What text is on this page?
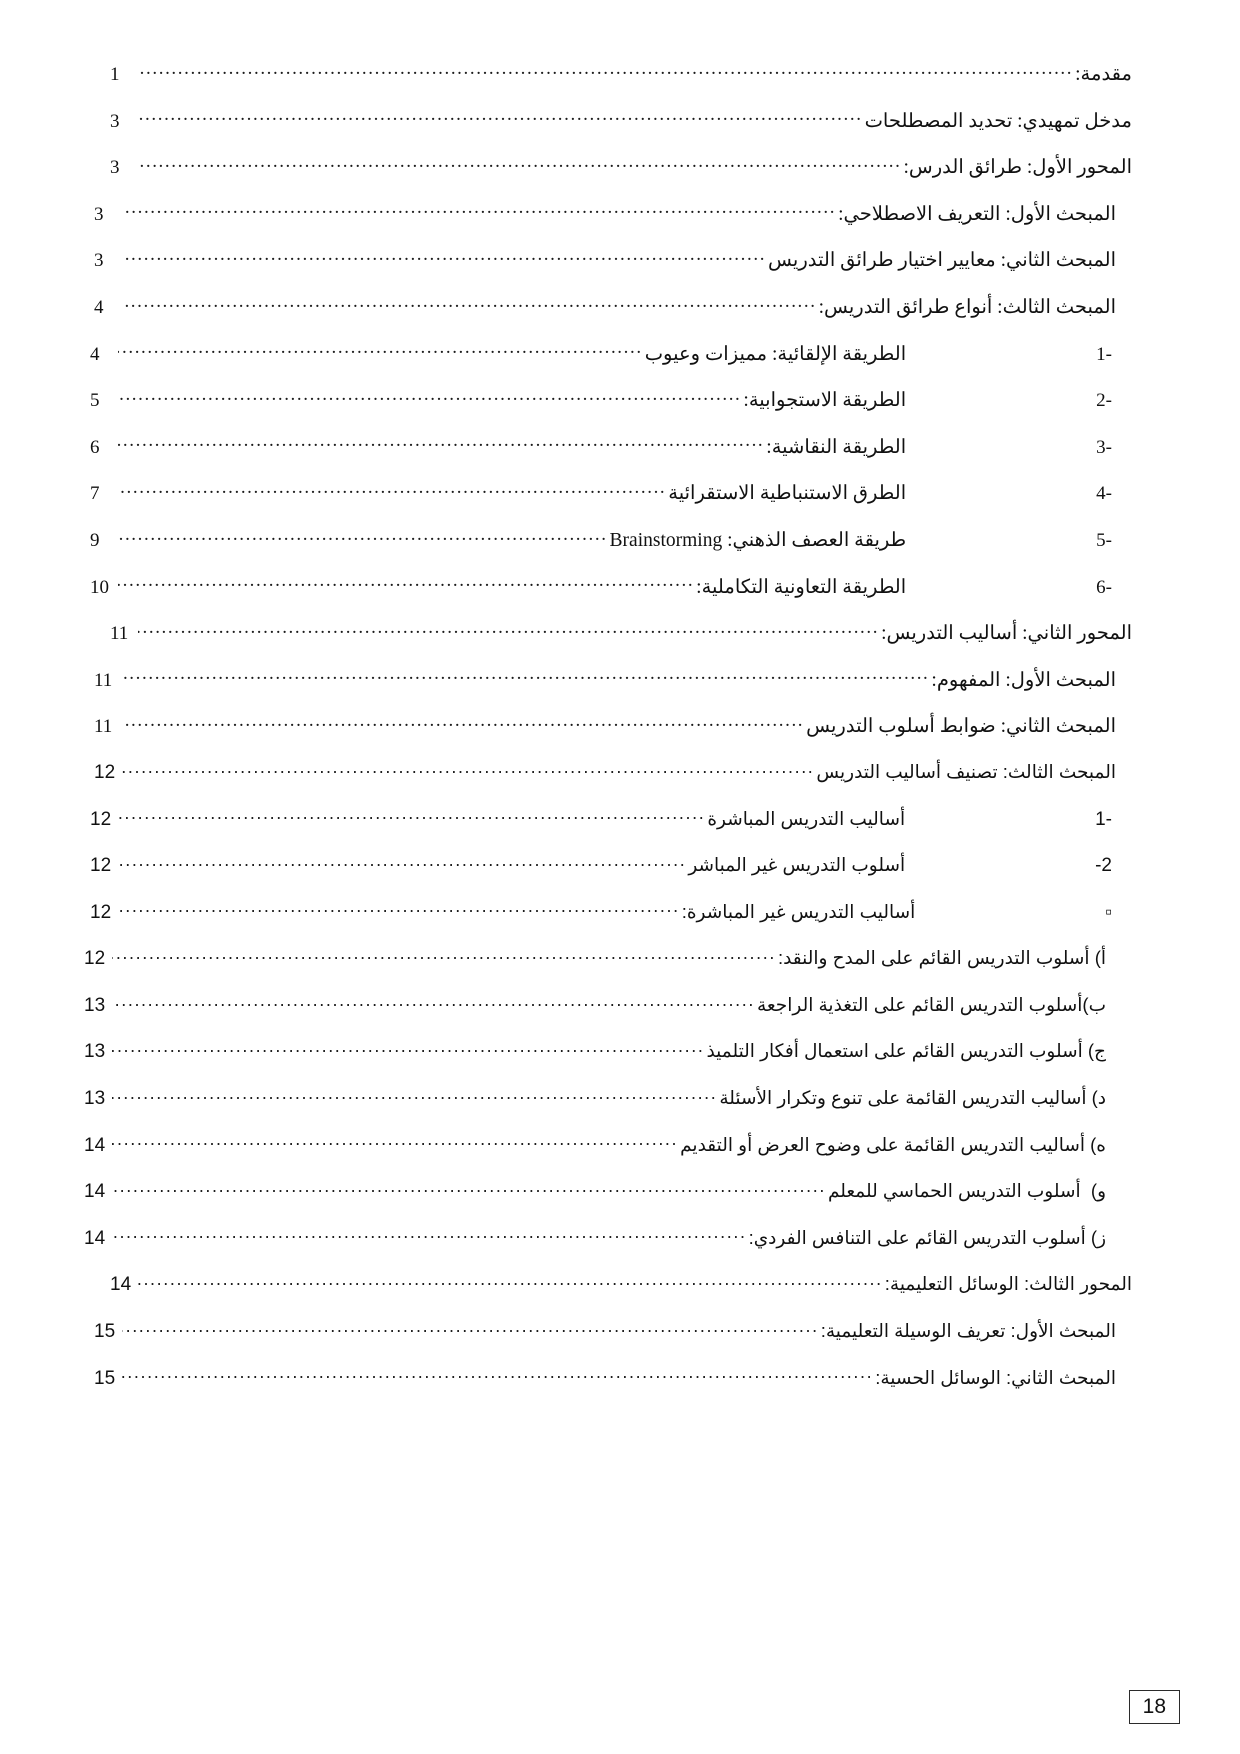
مقدمة:
.....
1
مدخل تمهيدي: تحديد المصطلحات
.....
3
المحور الأول: طرائق الدرس:
.....
3
المبحث الأول: التعريف الاصطلاحي:
.....
3
المبحث الثاني: معايير اختيار طرائق التدريس
.....
3
المبحث الثالث: أنواع طرائق التدريس:
.....
4
1-
الطريقة الإلقائية: مميزات وعيوب
.....
4
2-
الطريقة الاستجوابية:
.....
5
3-
الطريقة النقاشية:
.....
6
4-
الطرق الاستنباطية الاستقرائية
.....
7
5-
طريقة العصف الذهني: Brainstorming
.....
9
6-
الطريقة التعاونية التكاملية:
.....
10
المحور الثاني: أساليب التدريس:
.....
11
المبحث الأول: المفهوم:
.....
11
المبحث الثاني: ضوابط أسلوب التدريس
.....
11
المبحث الثالث: تصنيف أساليب التدريس
.....
12
1-
أساليب التدريس المباشرة
.....
12
-2
أسلوب التدريس غير المباشر
.....
12
▫
أساليب التدريس غير المباشرة:
.....
12
أ) أسلوب التدريس القائم على المدح والنقد:
.....
12
ب)أسلوب التدريس القائم على التغذية الراجعة
.....
13
ج) أسلوب التدريس القائم على استعمال أفكار التلميذ
.....
13
د) أساليب التدريس القائمة على تنوع وتكرار الأسئلة
.....
13
ه) أساليب التدريس القائمة على وضوح العرض أو التقديم
.....
14
و)  أسلوب التدريس الحماسي للمعلم
.....
14
ز) أسلوب التدريس القائم على التنافس الفردي:
.....
14
المحور الثالث: الوسائل التعليمية:
.....
14
المبحث الأول: تعريف الوسيلة التعليمية:
.....
15
المبحث الثاني: الوسائل الحسية:
.....
15
18
